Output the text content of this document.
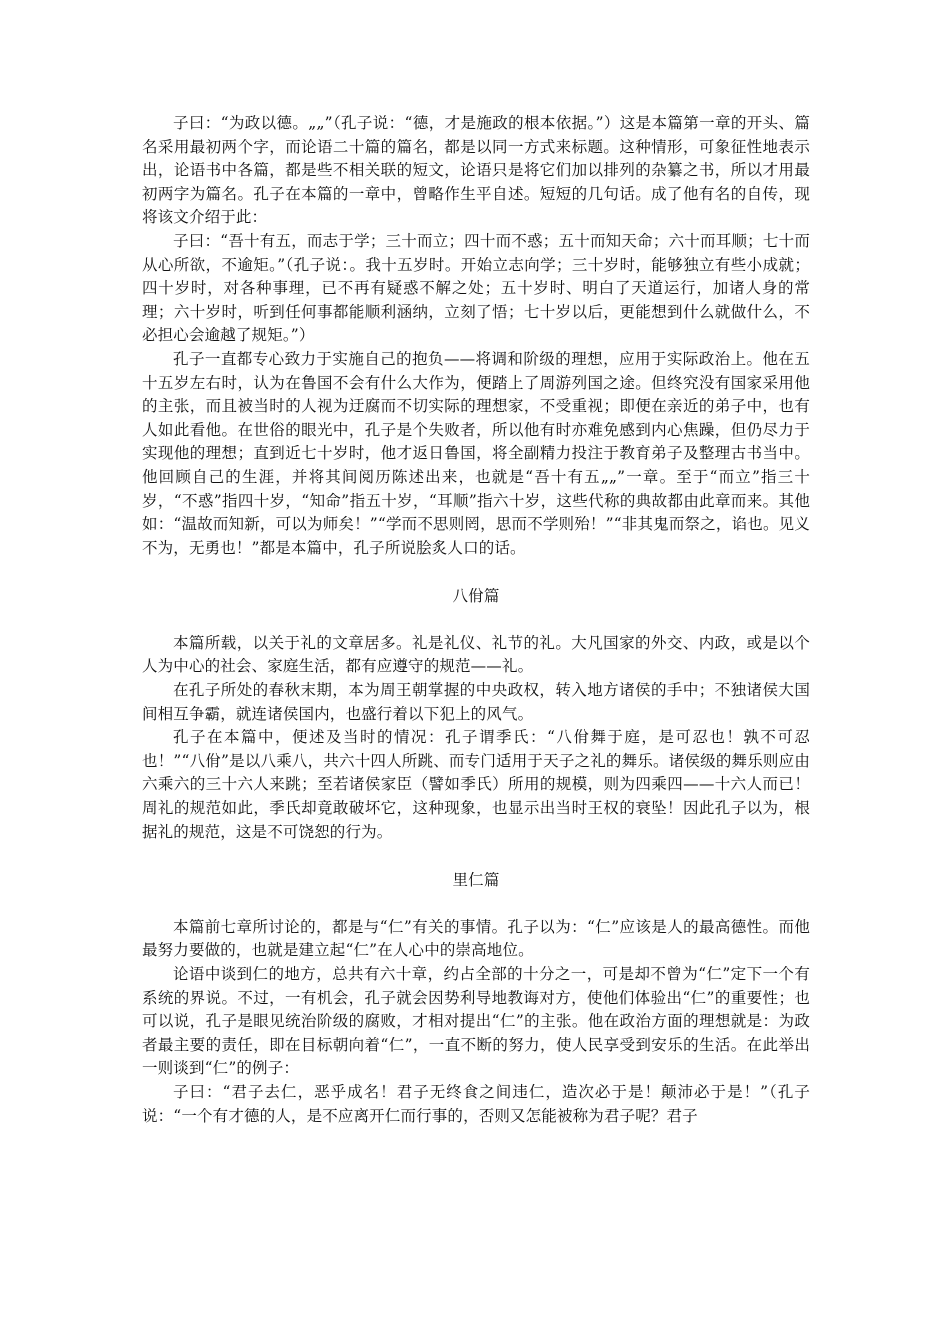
子曰：“为政以德。„„”（孔子说：“德，才是施政的根本依据。”）这是本篇第一章的开头、篇名采用最初两个字，而论语二十篇的篇名，都是以同一方式来标题。这种情形，可象征性地表示出，论语书中各篇，都是些不相关联的短文，论语只是将它们加以排列的杂纂之书，所以才用最初两字为篇名。孔子在本篇的一章中，曾略作生平自述。短短的几句话。成了他有名的自传，现将该文介绍于此：

子曰：“吾十有五，而志于学；三十而立；四十而不惑；五十而知天命；六十而耳顺；七十而从心所欲，不逾矩。”（孔子说：。我十五岁时。开始立志向学；三十岁时，能够独立有些小成就；四十岁时，对各种事理，已不再有疑惑不解之处；五十岁时、明白了天道运行，加诸人身的常理；六十岁时，听到任何事都能顺利涵纳，立刻了悟；七十岁以后，更能想到什么就做什么，不必担心会逾越了规矩。”）

孔子一直都专心致力于实施自己的抱负——将调和阶级的理想，应用于实际政治上。他在五十五岁左右时，认为在鲁国不会有什么大作为，便踏上了周游列国之途。但终究没有国家采用他的主张，而且被当时的人视为迂腐而不切实际的理想家，不受重视；即便在亲近的弟子中，也有人如此看他。在世俗的眼光中，孔子是个失败者，所以他有时亦难免感到内心焦躁，但仍尽力于实现他的理想；直到近七十岁时，他才返日鲁国，将全副精力投注于教育弟子及整理古书当中。他回顾自己的生涯，并将其间阅历陈述出来，也就是“吾十有五„„”一章。至于“而立”指三十岁，“不惑”指四十岁，“知命”指五十岁，“耳顺”指六十岁，这些代称的典故都由此章而来。其他如：“温故而知新，可以为师矣！”“学而不思则罔，思而不学则殆！”“非其鬼而祭之，谄也。见义不为，无勇也！”都是本篇中，孔子所说脍炙人口的话。

八佾篇

本篇所载，以关于礼的文章居多。礼是礼仪、礼节的礼。大凡国家的外交、内政，或是以个人为中心的社会、家庭生活，都有应遵守的规范——礼。

在孔子所处的春秋末期，本为周王朝掌握的中央政权，转入地方诸侯的手中；不独诸侯大国间相互争霸，就连诸侯国内，也盛行着以下犯上的风气。

孔子在本篇中，便述及当时的情况：孔子谓季氏：“八佾舞于庭，是可忍也！孰不可忍也！”“八佾”是以八乘八，共六十四人所跳、而专门适用于天子之礼的舞乐。诸侯级的舞乐则应由六乘六的三十六人来跳；至若诸侯家臣（譬如季氏）所用的规模，则为四乘四——十六人而已！周礼的规范如此，季氏却竟敢破坏它，这种现象，也显示出当时王权的衰坠！因此孔子以为，根据礼的规范，这是不可饶恕的行为。

里仁篇

本篇前七章所讨论的，都是与“仁”有关的事情。孔子以为：“仁”应该是人的最高德性。而他最努力要做的，也就是建立起“仁”在人心中的崇高地位。

论语中谈到仁的地方，总共有六十章，约占全部的十分之一，可是却不曾为“仁”定下一个有系统的界说。不过，一有机会，孔子就会因势利导地教诲对方，使他们体验出“仁”的重要性；也可以说，孔子是眼见统治阶级的腐败，才相对提出“仁”的主张。他在政治方面的理想就是：为政者最主要的责任，即在目标朝向着“仁”，一直不断的努力，使人民享受到安乐的生活。在此举出一则谈到“仁”的例子：

子曰：“君子去仁，恶乎成名！君子无终食之间违仁，造次必于是！颠沛必于是！”（孔子说：“一个有才德的人，是不应离开仁而行事的，否则又怎能被称为君子呢？君子
